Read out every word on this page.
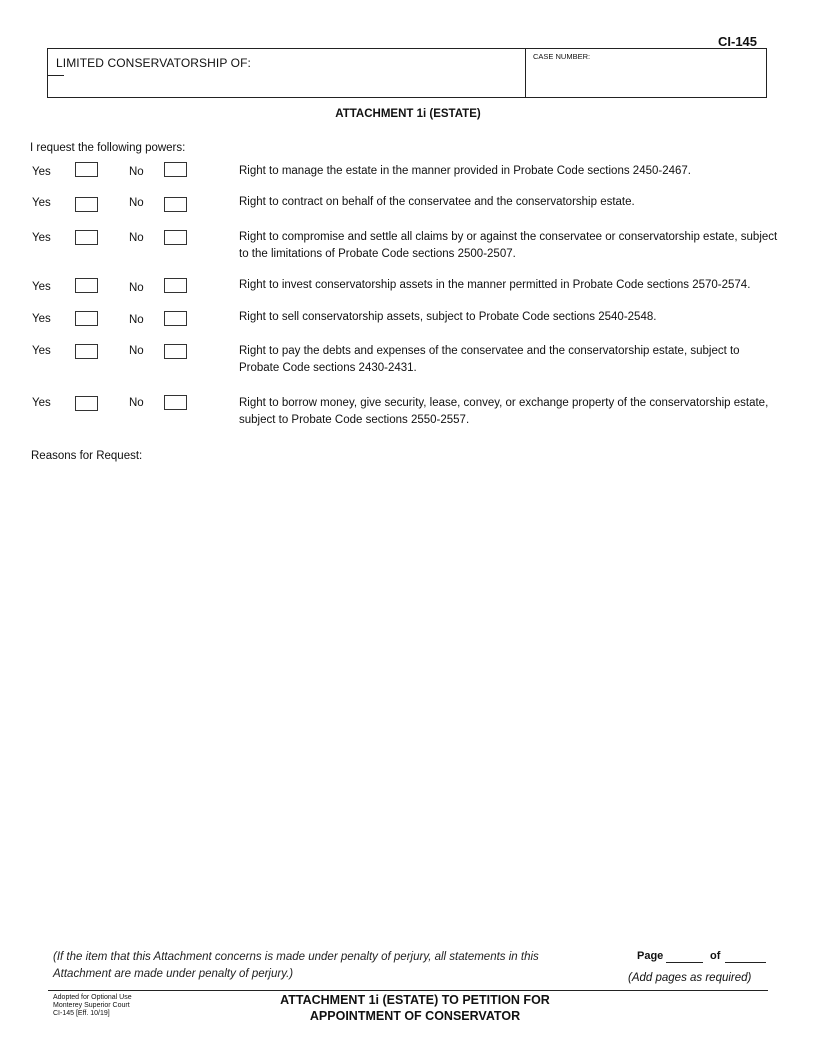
CI-145
LIMITED CONSERVATORSHIP OF:	CASE NUMBER:
ATTACHMENT 1i (ESTATE)
I request the following powers:
Yes	No	Right to manage the estate in the manner provided in Probate Code sections 2450-2467.
Yes	No	Right to contract on behalf of the conservatee and the conservatorship estate.
Yes	No	Right to compromise and settle all claims by or against the conservatee or conservatorship estate, subject to the limitations of Probate Code sections 2500-2507.
Yes	No	Right to invest conservatorship assets in the manner permitted in Probate Code sections 2570-2574.
Yes	No	Right to sell conservatorship assets, subject to Probate Code sections 2540-2548.
Yes	No	Right to pay the debts and expenses of the conservatee and the conservatorship estate, subject to Probate Code sections 2430-2431.
Yes	No	Right to borrow money, give security, lease, convey, or exchange property of the conservatorship estate, subject to Probate Code sections 2550-2557.
Reasons for Request:
(If the item that this Attachment concerns is made under penalty of perjury, all statements in this Attachment are made under penalty of perjury.)
Page	of
(Add pages as required)
Adopted for Optional Use
Monterey Superior Court
CI-145 [Eff. 10/19]
ATTACHMENT 1i (ESTATE) TO PETITION FOR
APPOINTMENT OF CONSERVATOR
